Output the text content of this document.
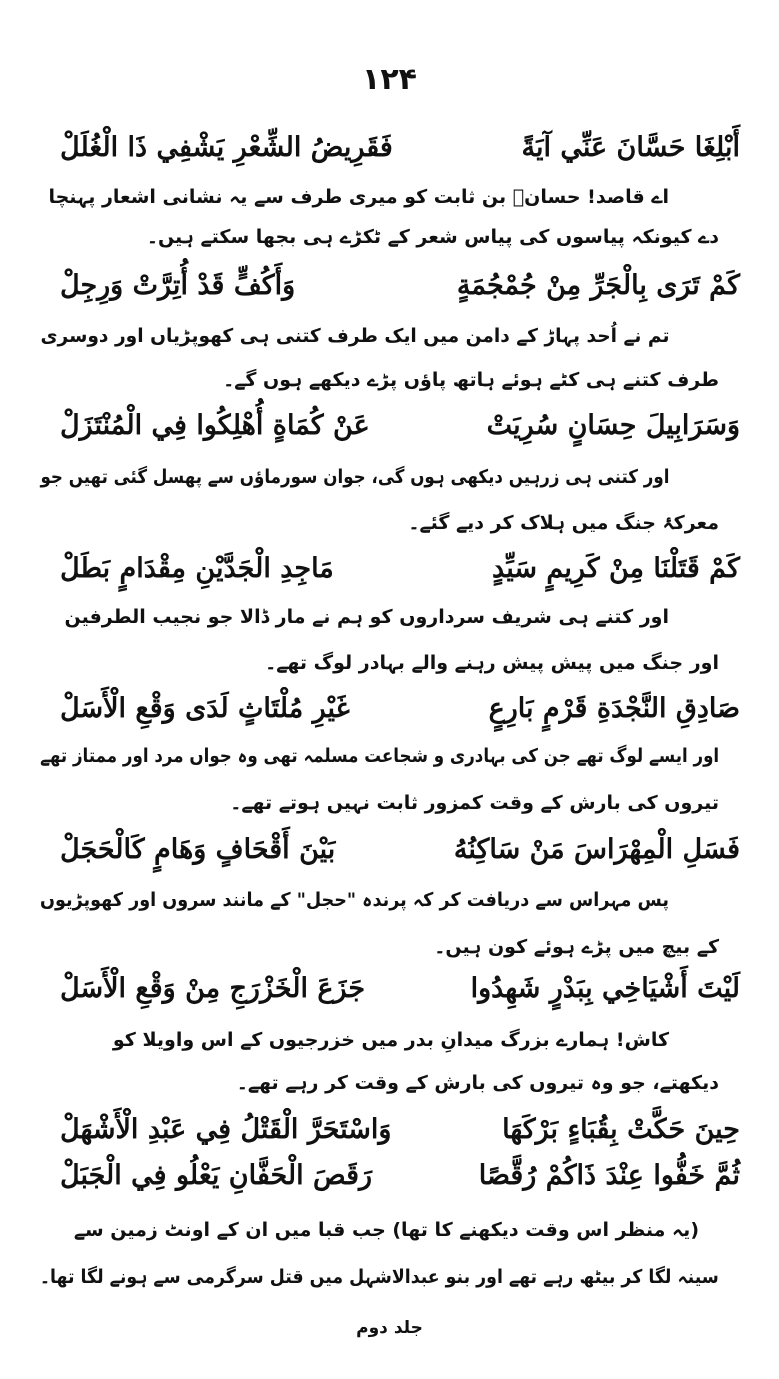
۱۲۴
أَبْلِغَا حَسَّانَ عَنِّي آيَةً
فَقَرِيضُ الشِّعْرِ يَشْفِي ذَا الْغُلَلْ
اے قاصد! حسانؓ بن ثابت کو میری طرف سے یہ نشانی اشعار پہنچا
دے کیونکہ پیاسوں کی پیاس شعر کے ٹکڑے ہی بجھا سکتے ہیں۔
كَمْ تَرَى بِالْجَرِّ مِنْ جُمْجُمَةٍ
وَأَكُفٍّ قَدْ أُتِرَّتْ وَرِجِلْ
تم نے اُحد پہاڑ کے دامن میں ایک طرف کتنی ہی کھوپڑیاں اور دوسری
طرف کتنے ہی کٹے ہوئے ہاتھ پاؤں پڑے دیکھے ہوں گے۔
وَسَرَابِيلَ حِسَانٍ سُرِيَتْ
عَنْ كُمَاةٍ أُهْلِكُوا فِي الْمُنْتَزَلْ
اور کتنی ہی زرہیں دیکھی ہوں گی، جوان سورماؤں سے پھسل گئی تھیں جو
معرکۂ جنگ میں ہلاک کر دیے گئے۔
كَمْ قَتَلْنَا مِنْ كَرِيمٍ سَيِّدٍ
مَاجِدِ الْجَدَّيْنِ مِقْدَامٍ بَطَلْ
اور کتنے ہی شریف سرداروں کو ہم نے مار ڈالا جو نجیب الطرفین
اور جنگ میں پیش پیش رہنے والے بہادر لوگ تھے۔
صَادِقِ النَّجْدَةِ قَرْمٍ بَارِعٍ
غَيْرِ مُلْتَاثٍ لَدَى وَقْعِ الْأَسَلْ
اور ایسے لوگ تھے جن کی بہادری و شجاعت مسلمہ تھی وہ جواں مرد اور ممتاز تھے
تیروں کی بارش کے وقت کمزور ثابت نہیں ہوتے تھے۔
فَسَلِ الْمِهْرَاسَ مَنْ سَاكِنُهُ
بَيْنَ أَقْحَافٍ وَهَامٍ كَالْحَجَلْ
پس مہراس سے دریافت کر کہ پرندہ "حجل" کے مانند سروں اور کھوپڑیوں
کے بیچ میں پڑے ہوئے کون ہیں۔
لَيْتَ أَشْيَاخِي بِبَدْرٍ شَهِدُوا
جَزَعَ الْخَزْرَجِ مِنْ وَقْعِ الْأَسَلْ
کاش! ہمارے بزرگ میدانِ بدر میں خزرجیوں کے اس واویلا کو
دیکھتے، جو وہ تیروں کی بارش کے وقت کر رہے تھے۔
حِينَ حَكَّتْ بِقُبَاءٍ بَرْكَهَا
وَاسْتَحَرَّ الْقَتْلُ فِي عَبْدِ الْأَشْهَلْ
ثُمَّ خَفُّوا عِنْدَ ذَاكُمْ رُقَّصًا
رَقَصَ الْحَفَّانِ يَعْلُو فِي الْجَبَلْ
(یہ منظر اس وقت دیکھنے کا تھا) جب قبا میں ان کے اونٹ زمین سے
سینہ لگا کر بیٹھ رہے تھے اور بنو عبدالاشہل میں قتل سرگرمی سے ہونے لگا تھا۔
جلد دوم
